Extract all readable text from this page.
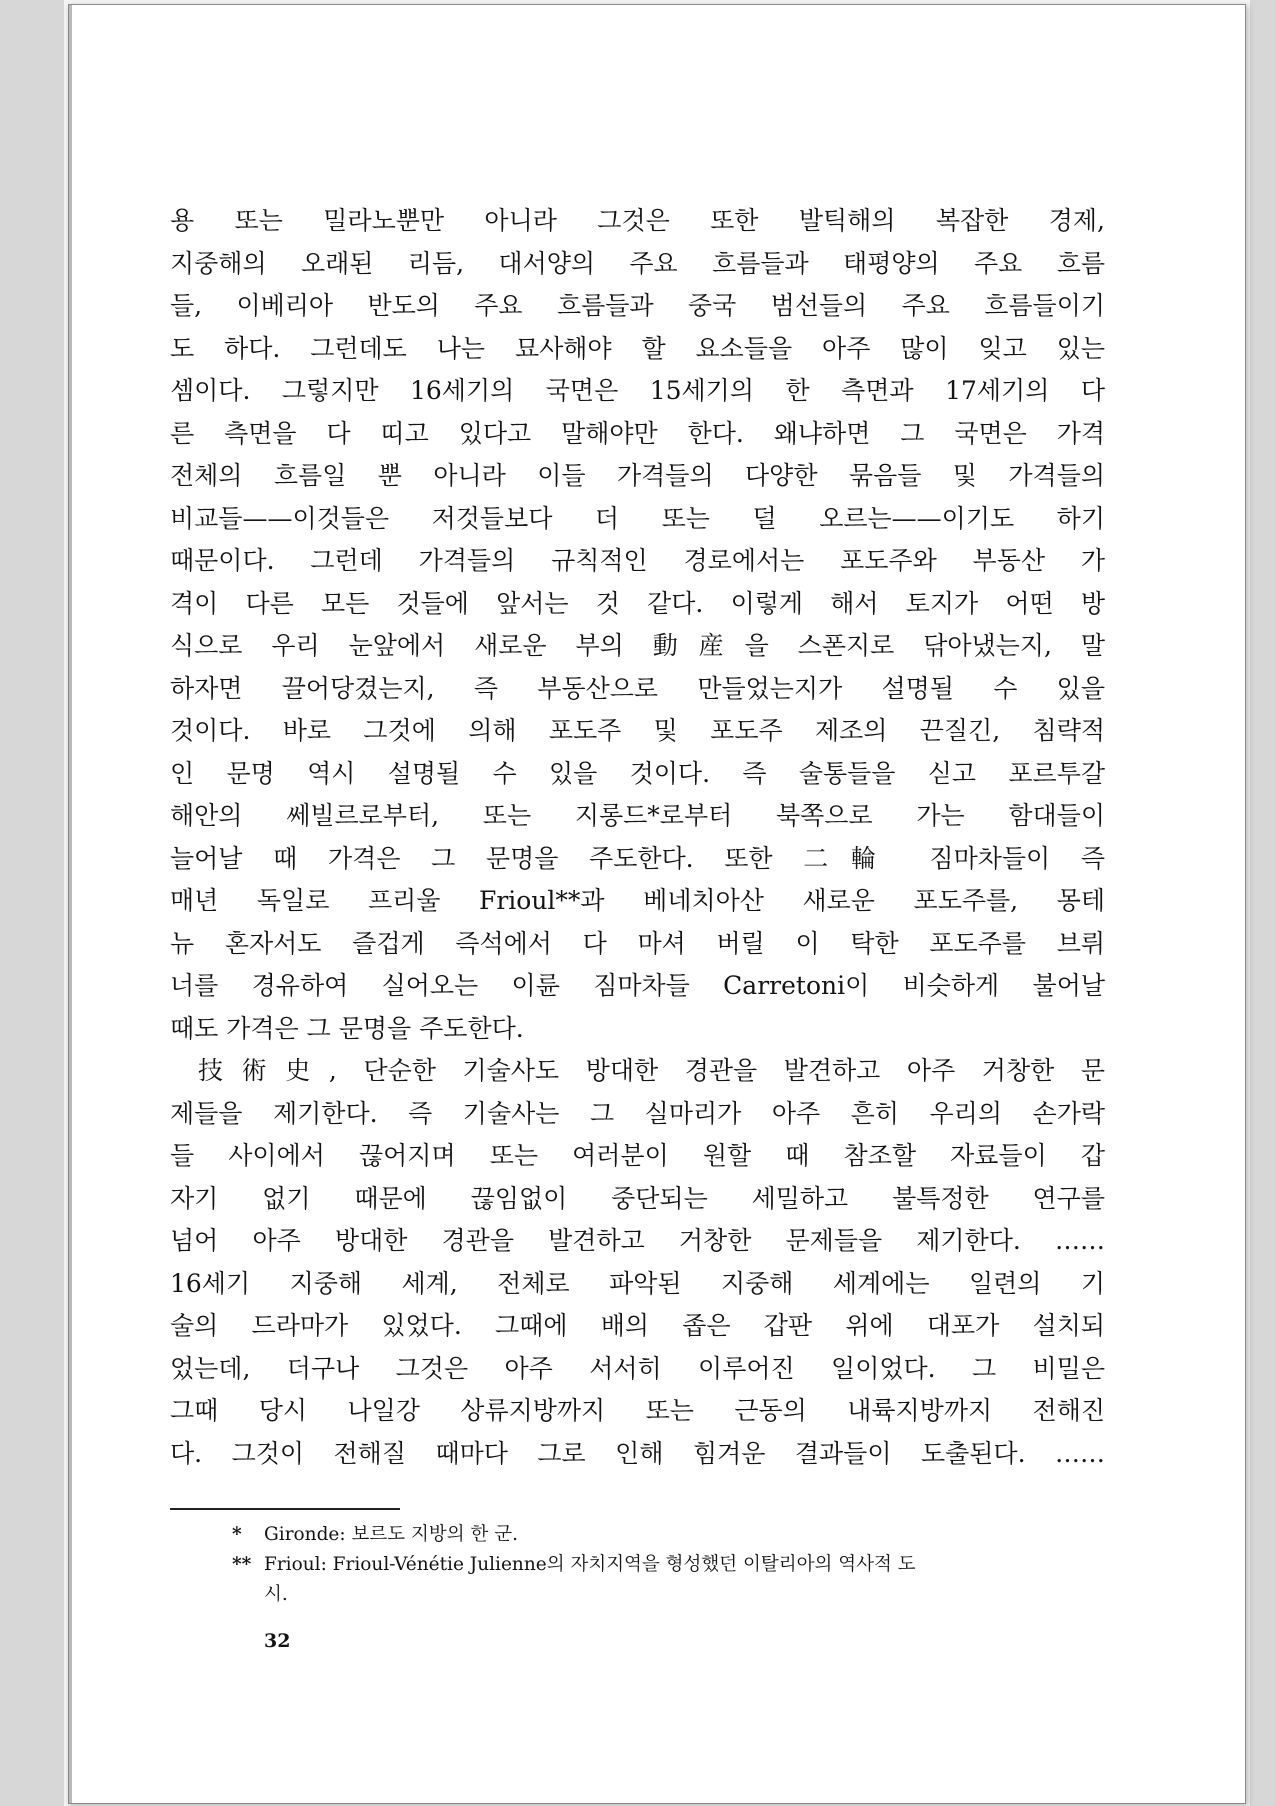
용 또는 밀라노뿐만 아니라 그것은 또한 발틱해의 복잡한 경제,
지중해의 오래된 리듬, 대서양의 주요 흐름들과 태평양의 주요 흐름
들, 이베리아 반도의 주요 흐름들과 중국 범선들의 주요 흐름들이기
도 하다. 그런데도 나는 묘사해야 할 요소들을 아주 많이 잊고 있는
셈이다. 그렇지만 16세기의 국면은 15세기의 한 측면과 17세기의 다
른 측면을 다 띠고 있다고 말해야만 한다. 왜냐하면 그 국면은 가격
전체의 흐름일 뿐 아니라 이들 가격들의 다양한 묶음들 및 가격들의
비교들——이것들은 저것들보다 더 또는 덜 오르는——이기도 하기
때문이다. 그런데 가격들의 규칙적인 경로에서는 포도주와 부동산 가
격이 다른 모든 것들에 앞서는 것 같다. 이렇게 해서 토지가 어떤 방
식으로 우리 눈앞에서 새로운 부의 動産을 스폰지로 닦아냈는지, 말
하자면 끌어당겼는지, 즉 부동산으로 만들었는지가 설명될 수 있을
것이다. 바로 그것에 의해 포도주 및 포도주 제조의 끈질긴, 침략적
인 문명 역시 설명될 수 있을 것이다. 즉 술통들을 싣고 포르투갈
해안의 쎄빌르로부터, 또는 지롱드*로부터 북쪽으로 가는 함대들이
늘어날 때 가격은 그 문명을 주도한다. 또한 二輪 짐마차들이 즉
매년 독일로 프리울 Frioul**과 베네치아산 새로운 포도주를, 몽테
뉴 혼자서도 즐겁게 즉석에서 다 마셔 버릴 이 탁한 포도주를 브뤼
너를 경유하여 실어오는 이륜 짐마차들 Carretoni이 비슷하게 불어날
때도 가격은 그 문명을 주도한다.
技術史, 단순한 기술사도 방대한 경관을 발견하고 아주 거창한 문
제들을 제기한다. 즉 기술사는 그 실마리가 아주 흔히 우리의 손가락
들 사이에서 끊어지며 또는 여러분이 원할 때 참조할 자료들이 갑
자기 없기 때문에 끊임없이 중단되는 세밀하고 불특정한 연구를
넘어 아주 방대한 경관을 발견하고 거창한 문제들을 제기한다. ……
16세기 지중해 세계, 전체로 파악된 지중해 세계에는 일련의 기
술의 드라마가 있었다. 그때에 배의 좁은 갑판 위에 대포가 설치되
었는데, 더구나 그것은 아주 서서히 이루어진 일이었다. 그 비밀은
그때 당시 나일강 상류지방까지 또는 근동의 내륙지방까지 전해진
다. 그것이 전해질 때마다 그로 인해 힘겨운 결과들이 도출된다. ……
* Gironde: 보르도 지방의 한 군.
** Frioul: Frioul-Vénétie Julienne의 자치지역을 형성했던 이탈리아의 역사적 도
시.
32
